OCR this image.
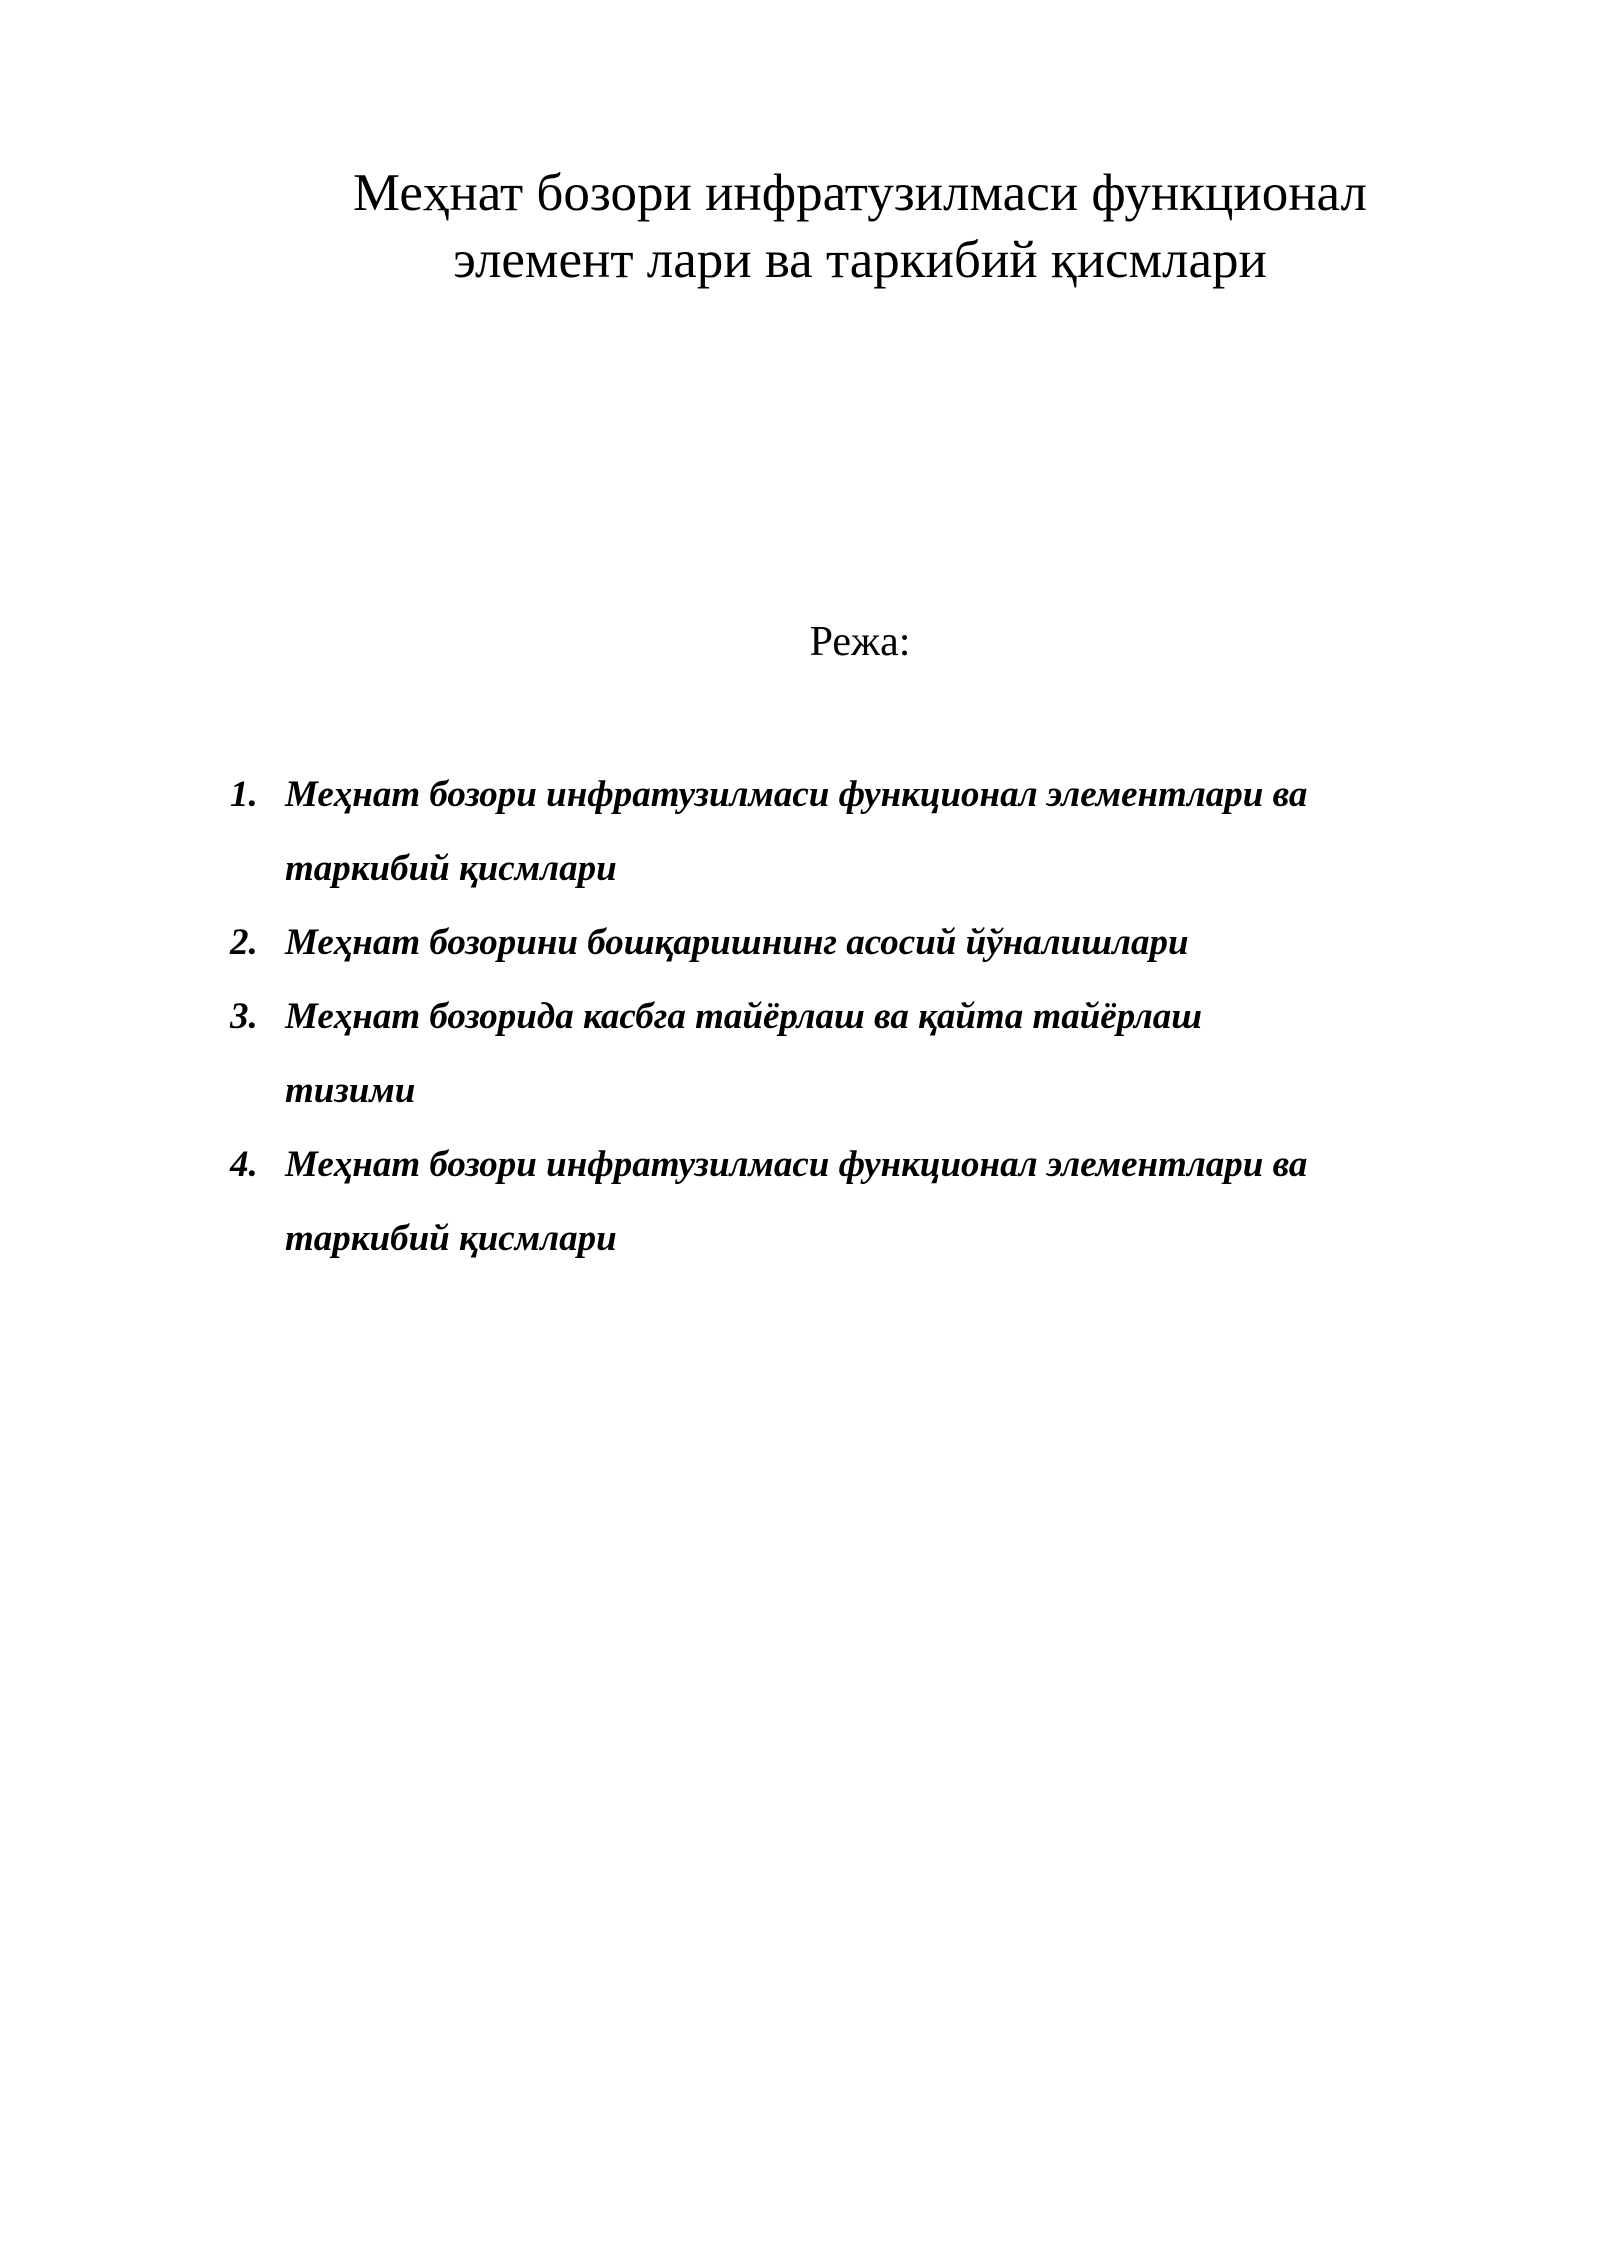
Меҳнат бозори инфратузилмаси функционал
элемент лари ва таркибий қисмлари

Режа:

1. Меҳнат бозори инфратузилмаси функционал элементлари ва
таркибий қисмлари
2. Меҳнат бозорини бошқаришнинг асосий йўналишлари
3. Меҳнат бозорида касбга тайёрлаш ва қайта тайёрлаш
тизими
4. Меҳнат бозори инфратузилмаси функционал элементлари ва
таркибий қисмлари
